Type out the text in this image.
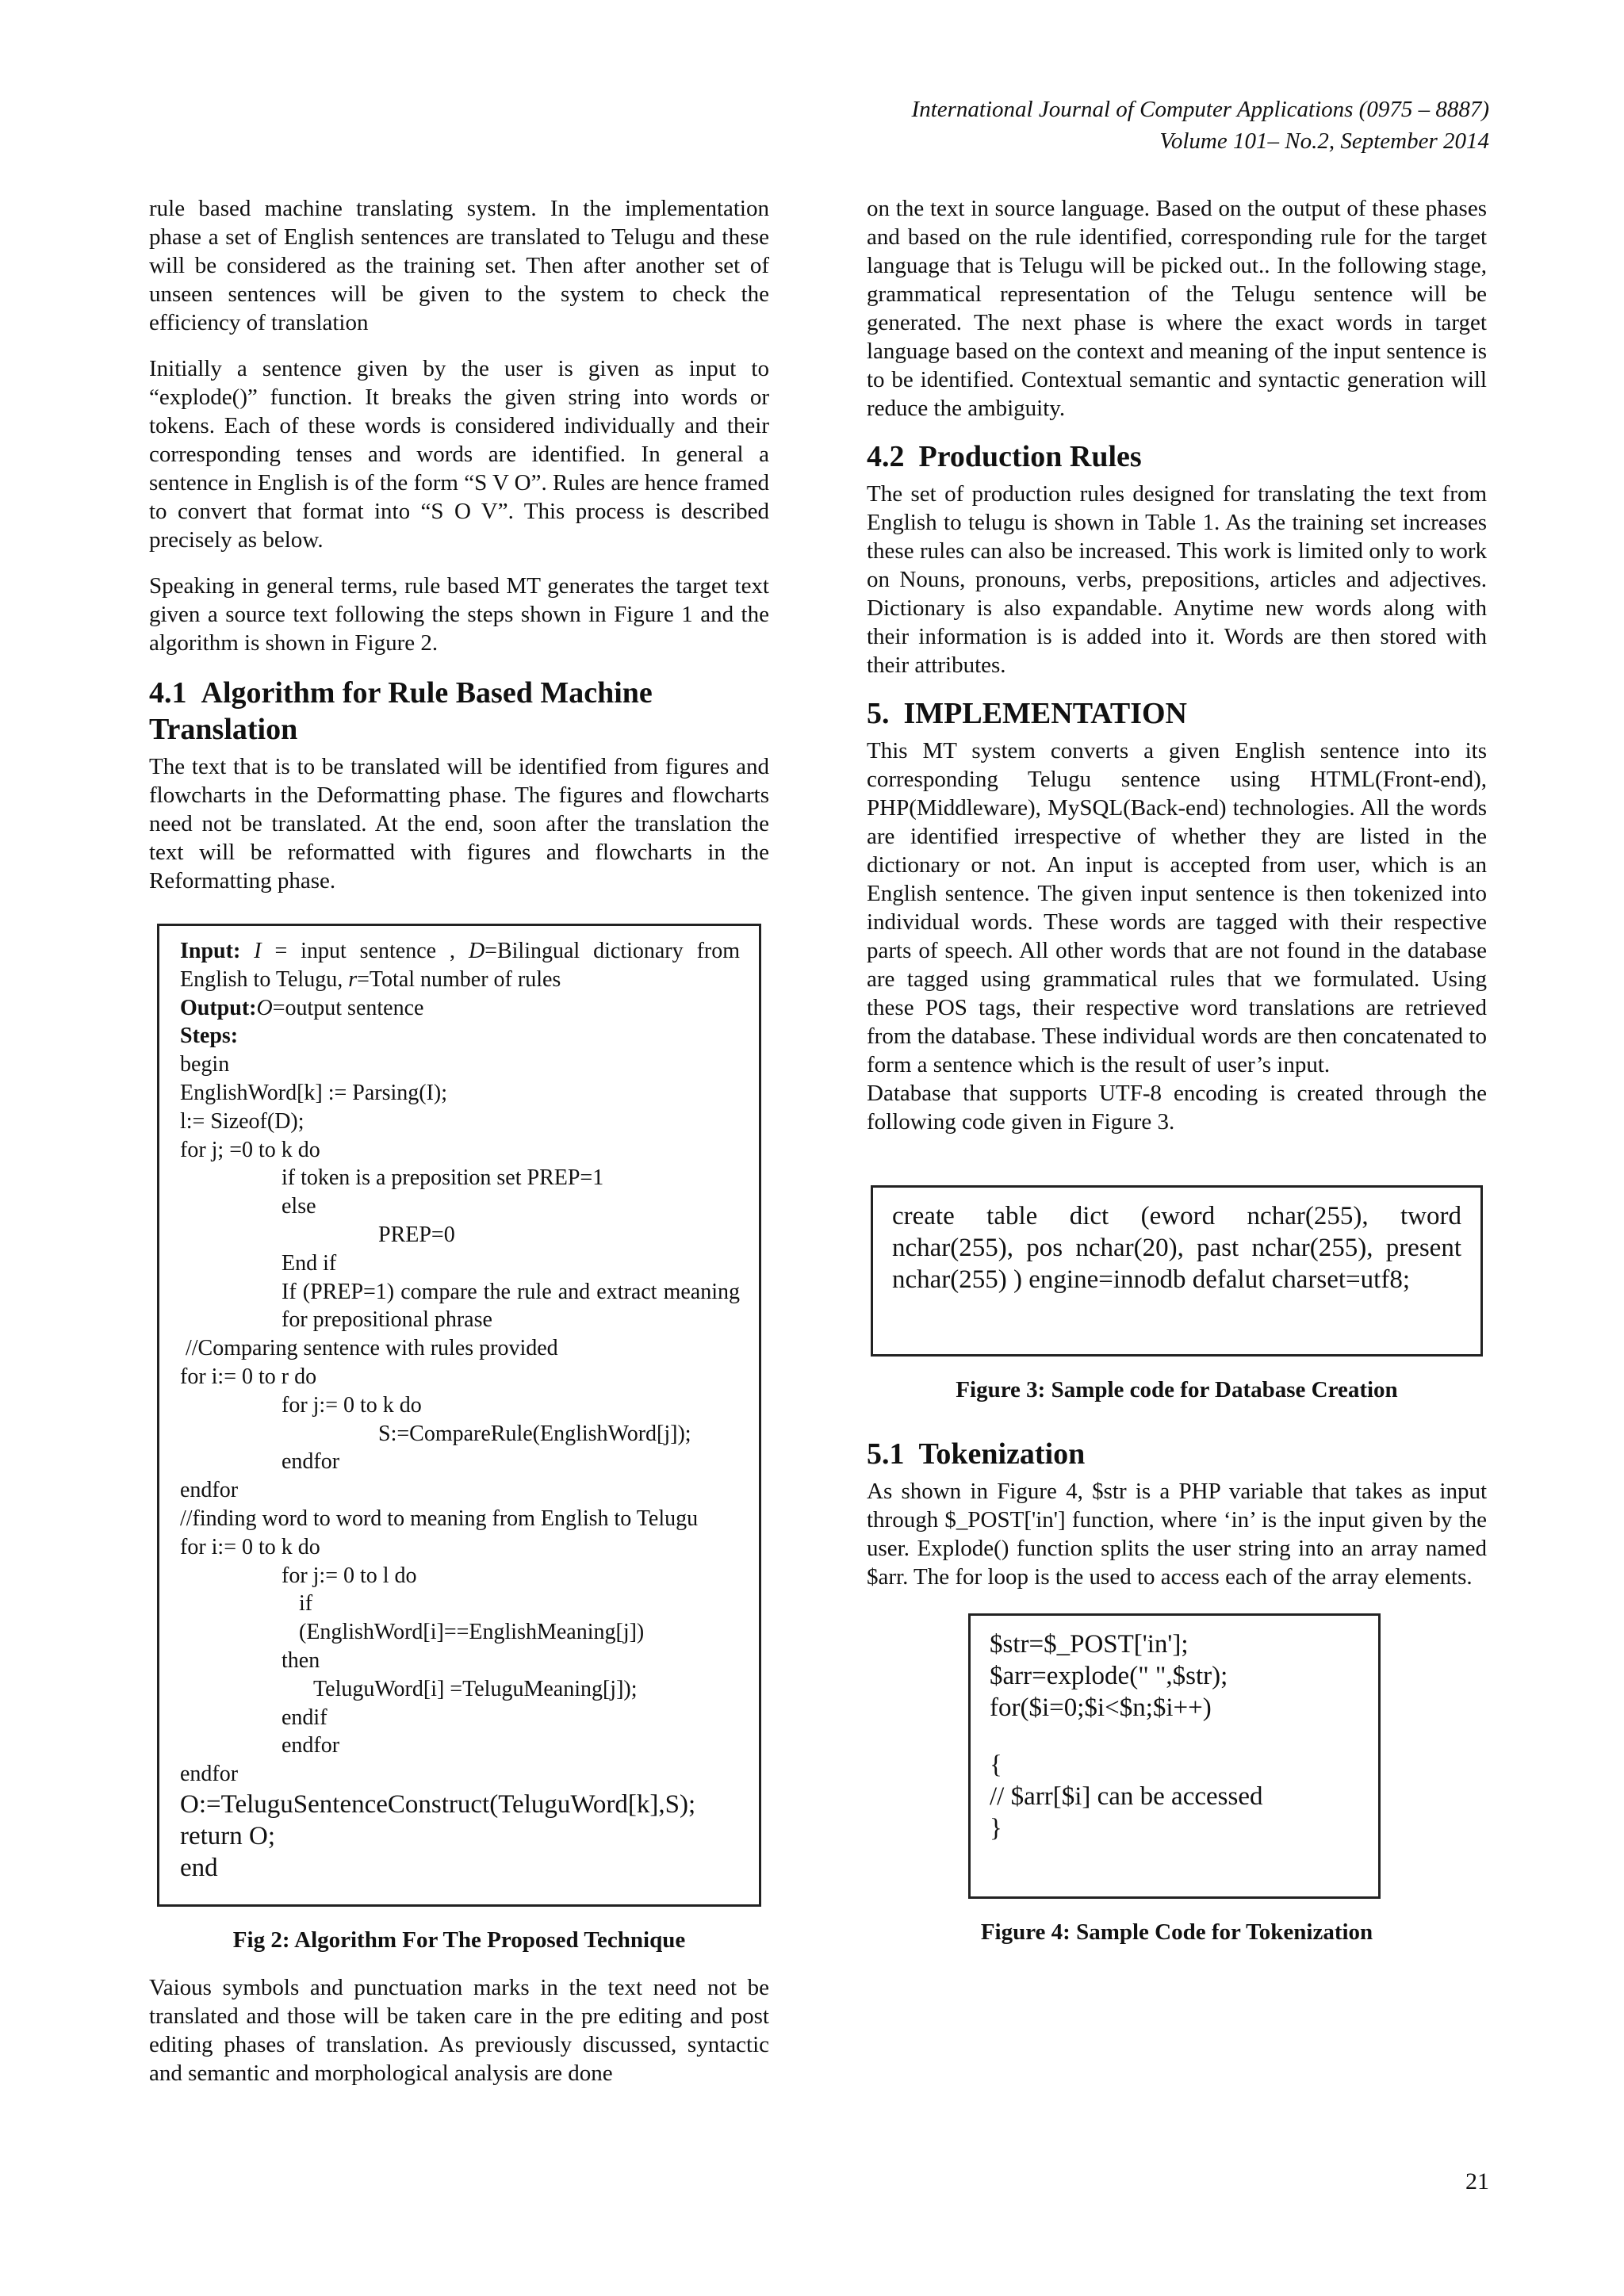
International Journal of Computer Applications (0975 – 8887)
Volume 101– No.2, September 2014

rule based machine translating system. In the implementation phase a set of English sentences are translated to Telugu and these will be considered as the training set. Then after another set of unseen sentences will be given to the system to check the efficiency of translation

Initially a sentence given by the user is given as input to “explode()” function. It breaks the given string into words or tokens. Each of these words is considered individually and their corresponding tenses and words are identified. In general a sentence in English is of the form “S V O”. Rules are hence framed to convert that format into “S O V”. This process is described precisely as below.

Speaking in general terms, rule based MT generates the target text given a source text following the steps shown in Figure 1 and the algorithm is shown in Figure 2.

4.1 Algorithm for Rule Based Machine Translation

The text that is to be translated will be identified from figures and flowcharts in the Deformatting phase. The figures and flowcharts need not be translated. At the end, soon after the translation the text will be reformatted with figures and flowcharts in the Reformatting phase.

Input: I = input sentence , D=Bilingual dictionary from English to Telugu, r=Total number of rules
Output:O=output sentence
Steps:
begin
EnglishWord[k] := Parsing(I);
l:= Sizeof(D);
for j; =0 to k do
if token is a preposition set PREP=1
else
PREP=0
End if
If (PREP=1) compare the rule and extract meaning for prepositional phrase
//Comparing sentence with rules provided
for i:= 0 to r do
for j:= 0 to k do
S:=CompareRule(EnglishWord[j]);
endfor
endfor
//finding word to word to meaning from English to Telugu
for i:= 0 to k do
for j:= 0 to l do
if
(EnglishWord[i]==EnglishMeaning[j])
then
TeluguWord[i] =TeluguMeaning[j]);
endif
endfor
endfor
O:=TeluguSentenceConstruct(TeluguWord[k],S);
return O;
end
Fig 2: Algorithm For The Proposed Technique

Vaious symbols and punctuation marks in the text need not be translated and those will be taken care in the pre editing and post editing phases of translation. As previously discussed, syntactic and semantic and morphological analysis are done

on the text in source language. Based on the output of these phases and based on the rule identified, corresponding rule for the target language that is Telugu will be picked out.. In the following stage, grammatical representation of the Telugu sentence will be generated. The next phase is where the exact words in target language based on the context and meaning of the input sentence is to be identified. Contextual semantic and syntactic generation will reduce the ambiguity.

4.2 Production Rules

The set of production rules designed for translating the text from English to telugu is shown in Table 1. As the training set increases these rules can also be increased. This work is limited only to work on Nouns, pronouns, verbs, prepositions, articles and adjectives. Dictionary is also expandable. Anytime new words along with their information is is added into it. Words are then stored with their attributes.

5. IMPLEMENTATION

This MT system converts a given English sentence into its corresponding Telugu sentence using HTML(Front-end), PHP(Middleware), MySQL(Back-end) technologies. All the words are identified irrespective of whether they are listed in the dictionary or not. An input is accepted from user, which is an English sentence. The given input sentence is then tokenized into individual words. These words are tagged with their respective parts of speech. All other words that are not found in the database are tagged using grammatical rules that we formulated. Using these POS tags, their respective word translations are retrieved from the database. These individual words are then concatenated to form a sentence which is the result of user’s input.

Database that supports UTF-8 encoding is created through the following code given in Figure 3.

create table dict (eword nchar(255), tword nchar(255), pos nchar(20), past nchar(255), present nchar(255) ) engine=innodb defalut charset=utf8;
Figure 3: Sample code for Database Creation
5.1 Tokenization

As shown in Figure 4, $str is a PHP variable that takes as input through $_POST['in'] function, where ‘in’ is the input given by the user. Explode() function splits the user string into an array named $arr. The for loop is the used to access each of the array elements.

$str=$_POST['in'];
$arr=explode(" ",$str);
for($i=0;$i<$n;$i++)
{
// $arr[$i] can be accessed
}
Figure 4: Sample Code for Tokenization
21
